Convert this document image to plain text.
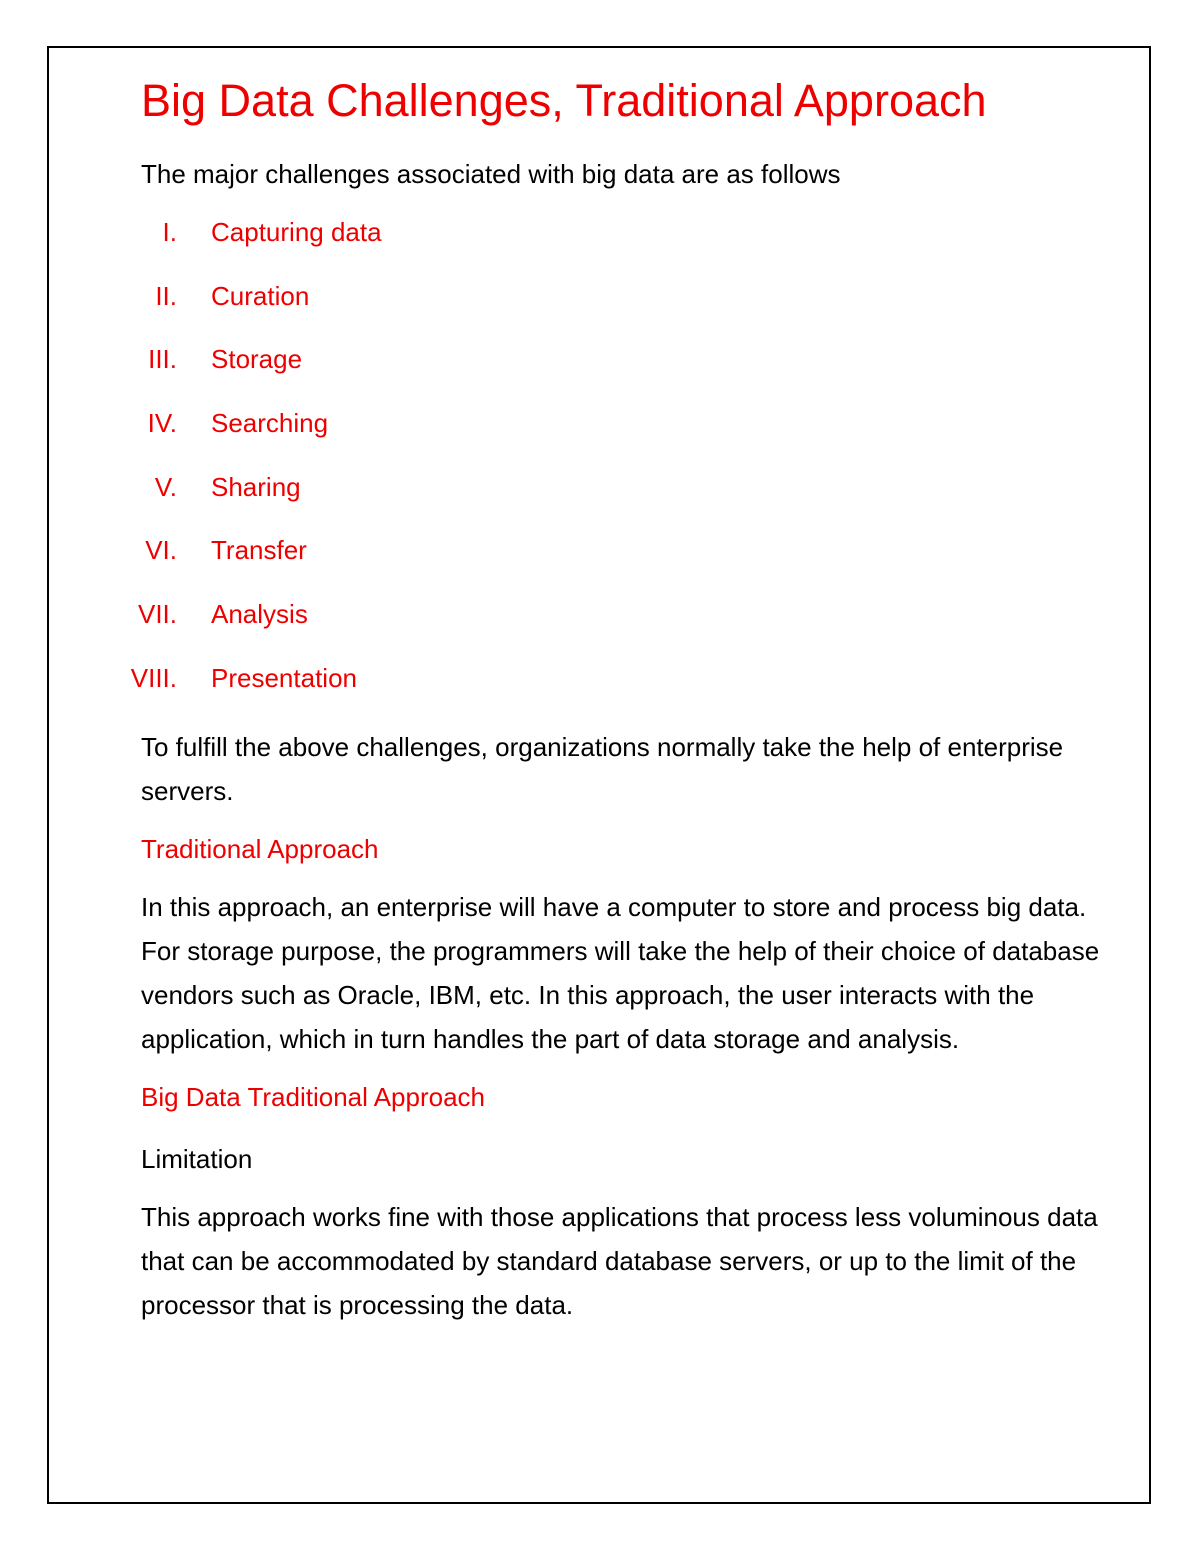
Big Data Challenges, Traditional Approach

The major challenges associated with big data are as follows

I. Capturing data
II. Curation
III. Storage
IV. Searching
V. Sharing
VI. Transfer
VII. Analysis
VIII. Presentation

To fulfill the above challenges, organizations normally take the help of enterprise servers.

Traditional Approach

In this approach, an enterprise will have a computer to store and process big data. For storage purpose, the programmers will take the help of their choice of database vendors such as Oracle, IBM, etc. In this approach, the user interacts with the application, which in turn handles the part of data storage and analysis.

Big Data Traditional Approach

Limitation

This approach works fine with those applications that process less voluminous data that can be accommodated by standard database servers, or up to the limit of the processor that is processing the data.
